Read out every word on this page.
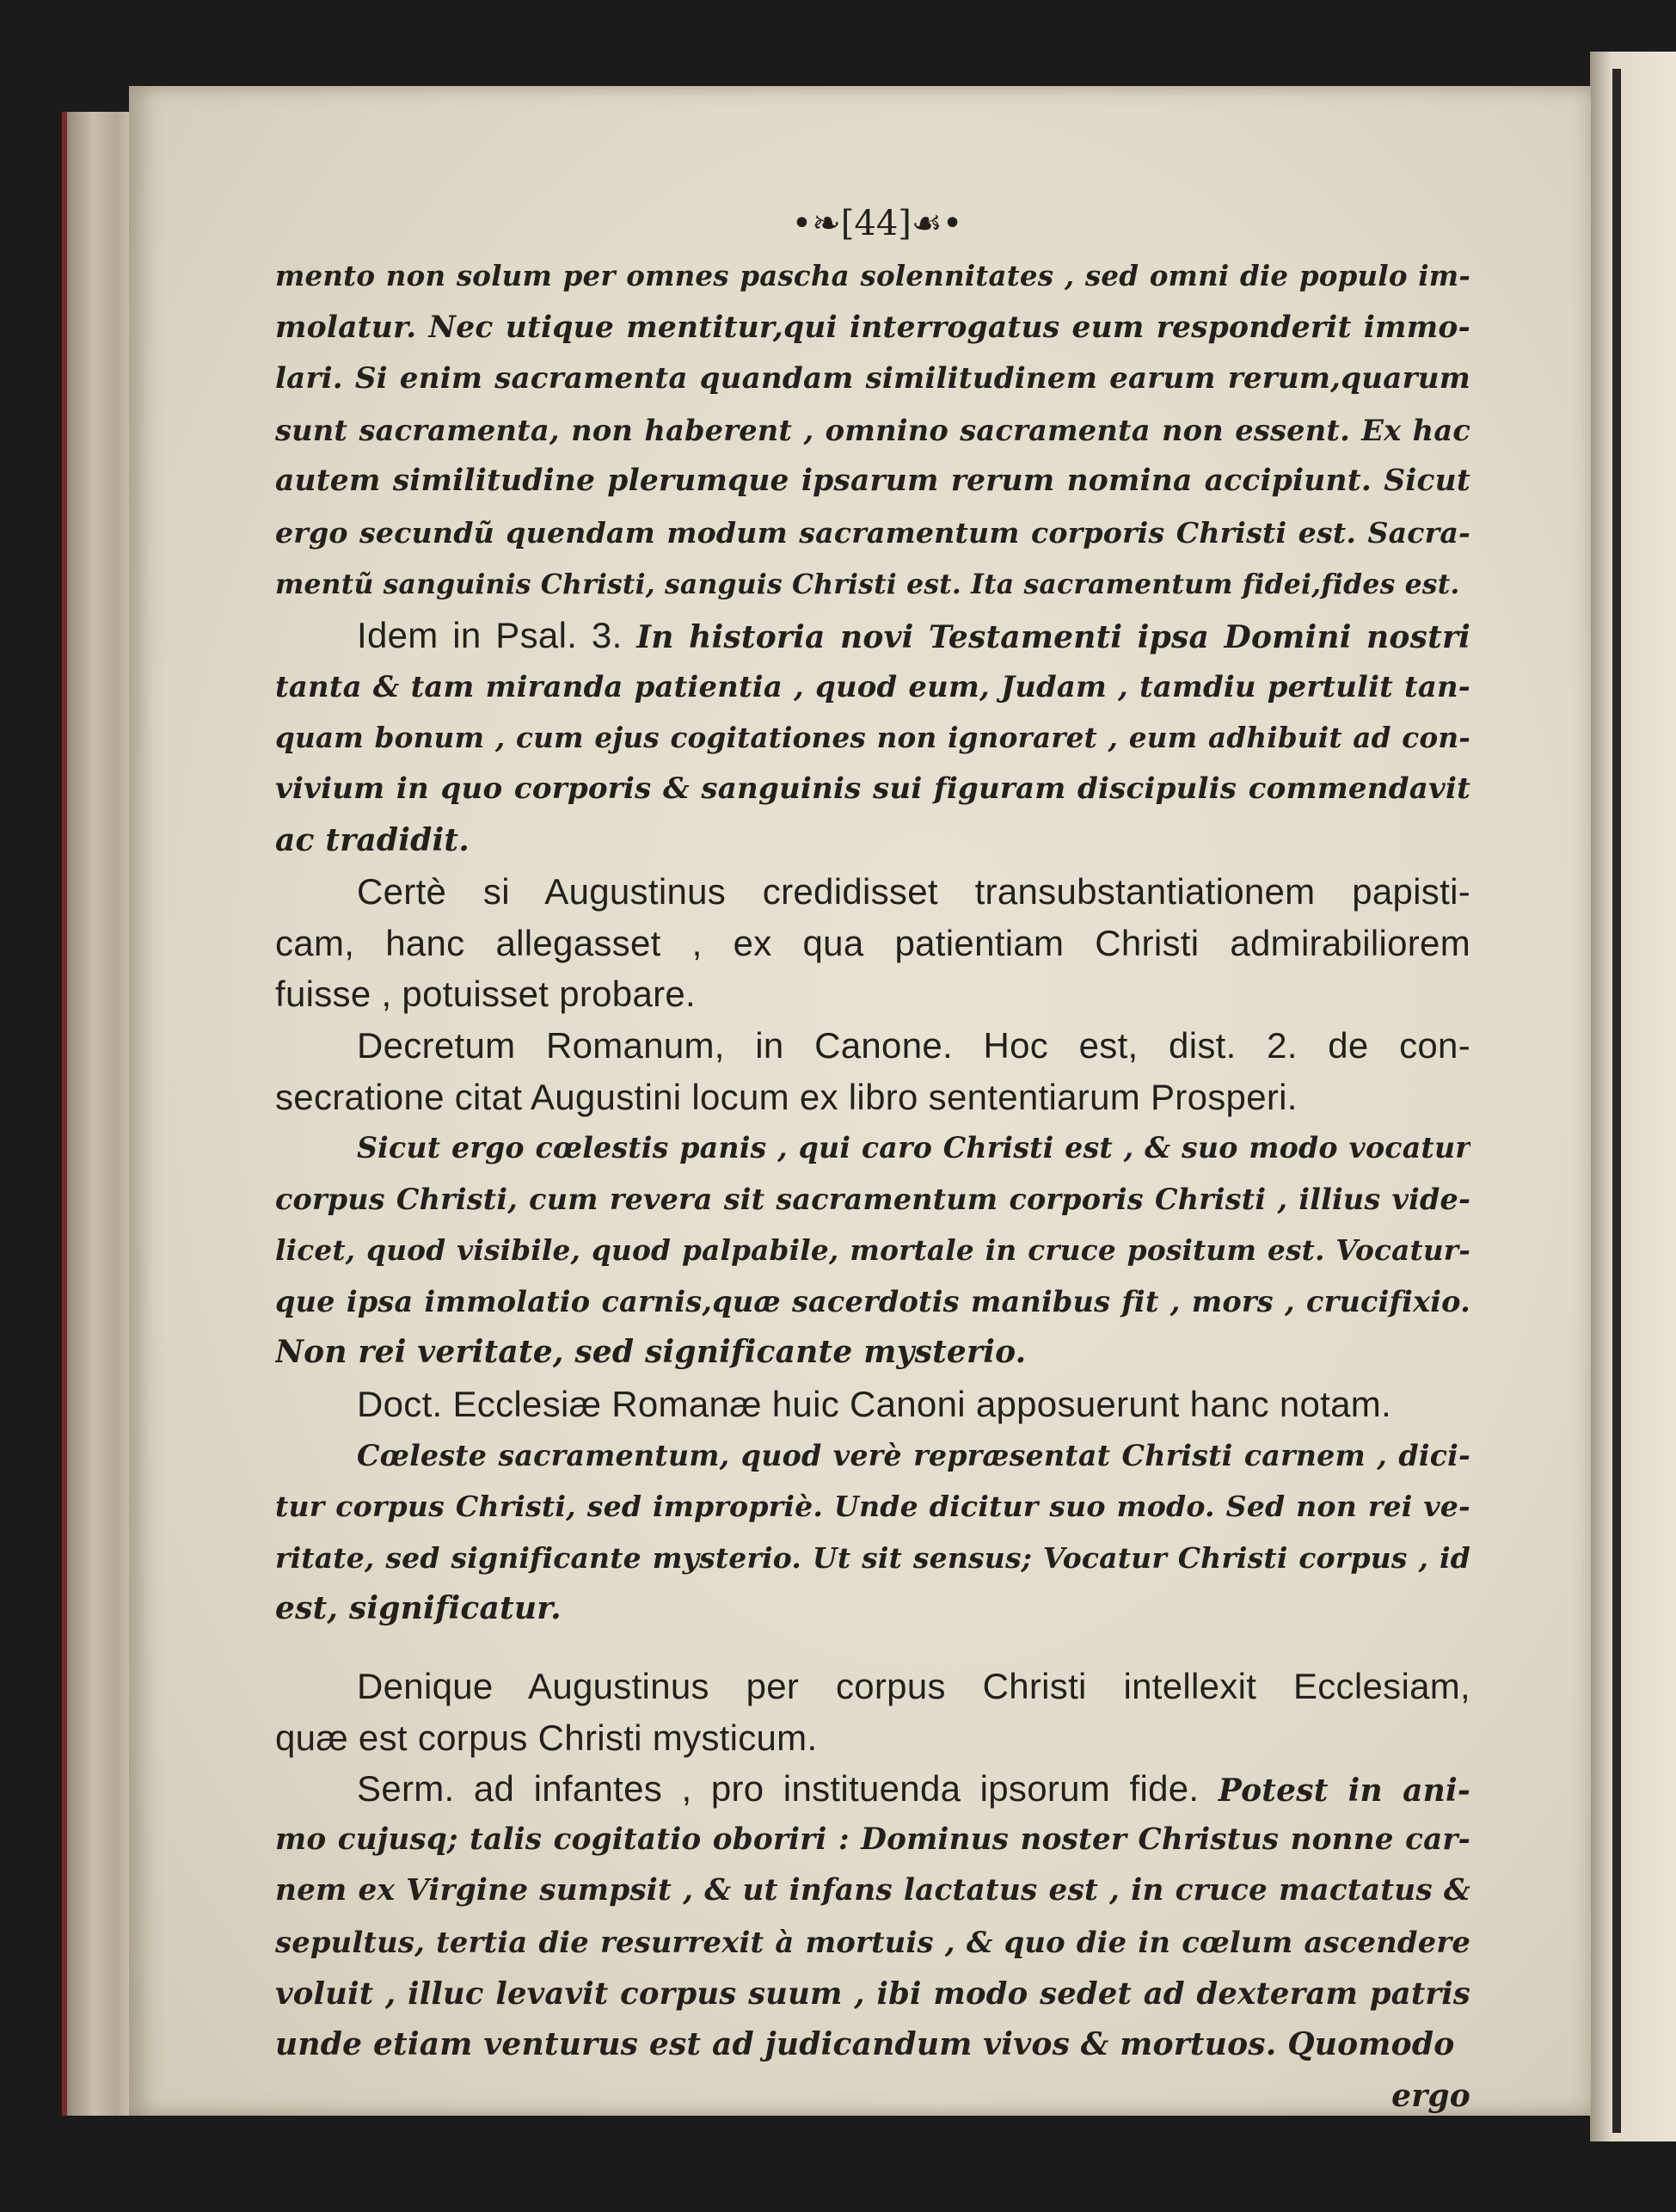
•❧[44]☙•
mento non solum per omnes pascha solennitates , sed omni die populo im-
molatur. Nec utique mentitur,qui interrogatus eum responderit immo-
lari. Si enim sacramenta quandam similitudinem earum rerum,quarum
sunt sacramenta, non haberent , omnino sacramenta non essent. Ex hac
autem similitudine plerumque ipsarum rerum nomina accipiunt. Sicut
ergo secundũ quendam modum sacramentum corporis Christi est. Sacra-
mentũ sanguinis Christi, sanguis Christi est. Ita sacramentum fidei,fides est.
Idem in Psal. 3. In historia novi Testamenti ipsa Domini nostri
tanta & tam miranda patientia , quod eum, Judam , tamdiu pertulit tan-
quam bonum , cum ejus cogitationes non ignoraret , eum adhibuit ad con-
vivium in quo corporis & sanguinis sui figuram discipulis commendavit
ac tradidit.
Certè si Augustinus credidisset transubstantiationem papisti-
cam, hanc allegasset , ex qua patientiam Christi admirabiliorem
fuisse , potuisset probare.
Decretum Romanum, in Canone. Hoc est, dist. 2. de con-
secratione citat Augustini locum ex libro sententiarum Prosperi.
Sicut ergo cœlestis panis , qui caro Christi est , & suo modo vocatur
corpus Christi, cum revera sit sacramentum corporis Christi , illius vide-
licet, quod visibile, quod palpabile, mortale in cruce positum est. Vocatur-
que ipsa immolatio carnis,quæ sacerdotis manibus fit , mors , crucifixio.
Non rei veritate, sed significante mysterio.
Doct. Ecclesiæ Romanæ huic Canoni apposuerunt hanc notam.
Cœleste sacramentum, quod verè repræsentat Christi carnem , dici-
tur corpus Christi, sed impropriè. Unde dicitur suo modo. Sed non rei ve-
ritate, sed significante mysterio. Ut sit sensus; Vocatur Christi corpus , id
est, significatur.
Denique Augustinus per corpus Christi intellexit Ecclesiam,
quæ est corpus Christi mysticum.
Serm. ad infantes , pro instituenda ipsorum fide. Potest in ani-
mo cujusq; talis cogitatio oboriri : Dominus noster Christus nonne car-
nem ex Virgine sumpsit , & ut infans lactatus est , in cruce mactatus &
sepultus, tertia die resurrexit à mortuis , & quo die in cœlum ascendere
voluit , illuc levavit corpus suum , ibi modo sedet ad dexteram patris
unde etiam venturus est ad judicandum vivos & mortuos. Quomodo
ergo
